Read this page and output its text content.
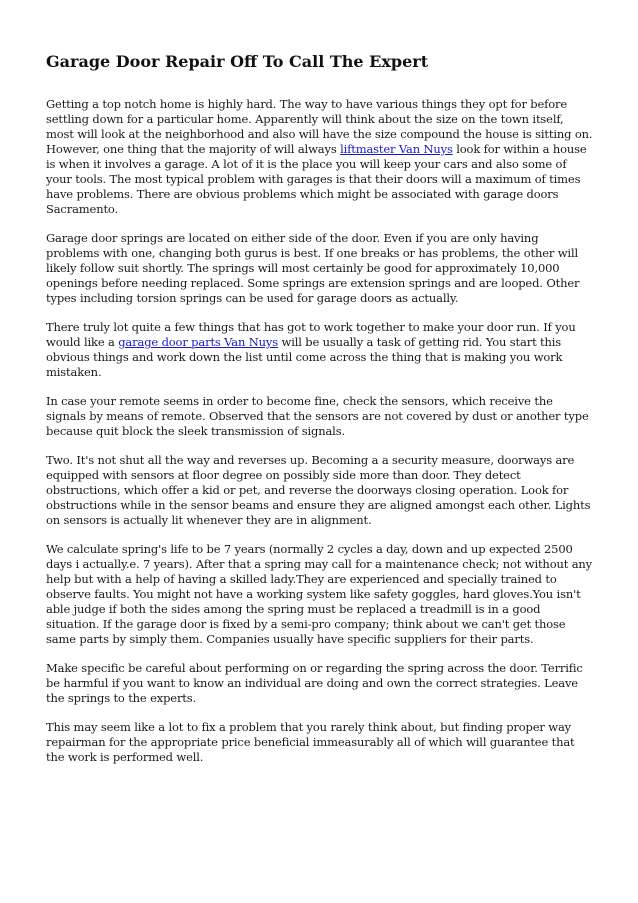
Garage Door Repair Off To Call The Expert

Getting a top notch home is highly hard. The way to have various things they opt for before settling down for a particular home. Apparently will think about the size on the town itself, most will look at the neighborhood and also will have the size compound the house is sitting on. However, one thing that the majority of will always liftmaster Van Nuys look for within a house is when it involves a garage. A lot of it is the place you will keep your cars and also some of your tools. The most typical problem with garages is that their doors will a maximum of times have problems. There are obvious problems which might be associated with garage doors Sacramento.

Garage door springs are located on either side of the door. Even if you are only having problems with one, changing both gurus is best. If one breaks or has problems, the other will likely follow suit shortly. The springs will most certainly be good for approximately 10,000 openings before needing replaced. Some springs are extension springs and are looped. Other types including torsion springs can be used for garage doors as actually.

There truly lot quite a few things that has got to work together to make your door run. If you would like a garage door parts Van Nuys will be usually a task of getting rid. You start this obvious things and work down the list until come across the thing that is making you work mistaken.

In case your remote seems in order to become fine, check the sensors, which receive the signals by means of remote. Observed that the sensors are not covered by dust or another type because quit block the sleek transmission of signals.

Two. It's not shut all the way and reverses up. Becoming a a security measure, doorways are equipped with sensors at floor degree on possibly side more than door. They detect obstructions, which offer a kid or pet, and reverse the doorways closing operation. Look for obstructions while in the sensor beams and ensure they are aligned amongst each other. Lights on sensors is actually lit whenever they are in alignment.

We calculate spring's life to be 7 years (normally 2 cycles a day, down and up expected 2500 days i actually.e. 7 years). After that a spring may call for a maintenance check; not without any help but with a help of having a skilled lady.They are experienced and specially trained to observe faults. You might not have a working system like safety goggles, hard gloves.You isn't able judge if both the sides among the spring must be replaced a treadmill is in a good situation. If the garage door is fixed by a semi-pro company; think about we can't get those same parts by simply them. Companies usually have specific suppliers for their parts.

Make specific be careful about performing on or regarding the spring across the door. Terrific be harmful if you want to know an individual are doing and own the correct strategies. Leave the springs to the experts.

This may seem like a lot to fix a problem that you rarely think about, but finding proper way repairman for the appropriate price beneficial immeasurably all of which will guarantee that the work is performed well.
